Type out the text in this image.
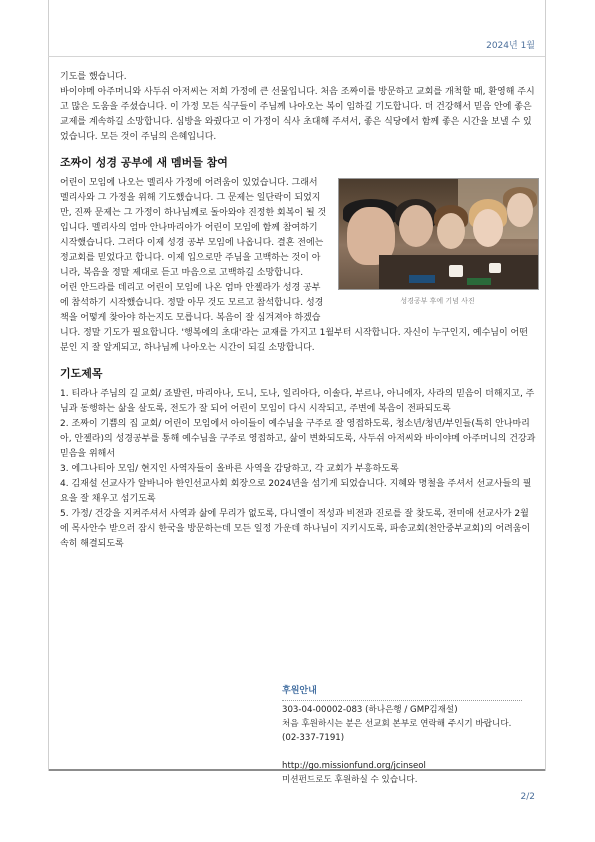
2024년 1월

기도를 했습니다.

바이야메 아주머니와 사두쉬 아저씨는 저희 가정에 큰 선물입니다. 처음 조짜이를 방문하고 교회를 개척할 때, 환영해 주시고 많은 도움을 주셨습니다. 이 가정 모든 식구들이 주님께 나아오는 복이 임하길 기도합니다. 더 건강해서 믿음 안에 좋은 교제를 계속하길 소망합니다. 심방을 와줬다고 이 가정이 식사 초대해 주셔서, 좋은 식당에서 함께 좋은 시간을 보낼 수 있었습니다. 모든 것이 주님의 은혜입니다.

조짜이 성경 공부에 새 멤버들 참여
성경공부 후에 기념 사진

어린이 모임에 나오는 멜리사 가정에 어려움이 있었습니다. 그래서 멜리사와 그 가정을 위해 기도했습니다. 그 문제는 일단락이 되었지만, 진짜 문제는 그 가정이 하나님께로 돌아와야 진정한 회복이 될 것입니다. 멜리사의 엄마 안나마리아가 어린이 모임에 함께 참여하기 시작했습니다. 그러다 이제 성경 공부 모임에 나옵니다. 결혼 전에는 정교회를 믿었다고 합니다. 이제 입으로만 주님을 고백하는 것이 아니라, 복음을 정말 제대로 듣고 마음으로 고백하길 소망합니다.

어린 안드라를 데리고 어린이 모임에 나온 엄마 안젤라가 성경 공부에 참석하기 시작했습니다. 정말 아무 것도 모르고 참석합니다. 성경책을 어떻게 찾아야 하는지도 모릅니다. 복음이 잘 심겨져야 하겠습니다. 정말 기도가 필요합니다. '행복에의 초대'라는 교재를 가지고 1월부터 시작합니다. 자신이 누구인지, 예수님이 어떤 분인 지 잘 알게되고, 하나님께 나아오는 시간이 되길 소망합니다.

기도제목
1. 티라나 주님의 길 교회/ 죠발린, 마리아나, 도니, 도나, 일리아다, 이솔다, 부르나, 아니에자, 사라의 믿음이 더해지고, 주님과 동행하는 삶을 살도록, 전도가 잘 되어 어린이 모임이 다시 시작되고, 주변에 복음이 전파되도록
2. 조짜이 기쁨의 집 교회/ 어린이 모임에서 아이들이 예수님을 구주로 잘 영접하도록, 청소년/청년/부인들(특히 안나마리아, 안젤라)의 성경공부를 통해 예수님을 구주로 영접하고, 삶이 변화되도록, 사두쉬 아저씨와 바이야메 아주머니의 건강과 믿음을 위해서
3. 에그나티아 모임/ 현지인 사역자들이 올바른 사역을 감당하고, 각 교회가 부흥하도록
4. 김재설 선교사가 알바니아 한인선교사회 회장으로 2024년을 섬기게 되었습니다. 지혜와 명철을 주셔서 선교사들의 필요을 잘 채우고 섬기도록
5. 가정/ 건강을 지켜주셔서 사역과 삶에 무리가 없도록, 다니엘이 적성과 비전과 진로를 잘 찾도록, 전미애 선교사가 2월에 목사안수 받으러 잠시 한국을 방문하는데 모든 일정 가운데 하나님이 지키시도록, 파송교회(천안중부교회)의 어려움이 속히 해결되도록
후원안내

303-04-00002-083 (하나은행 / GMP김재설)

처음 후원하시는 분은 선교회 본부로 연락해 주시기 바랍니다. (02-337-7191)

http://go.missionfund.org/jcinseol

미션펀드로도 후원하실 수 있습니다.

2/2
